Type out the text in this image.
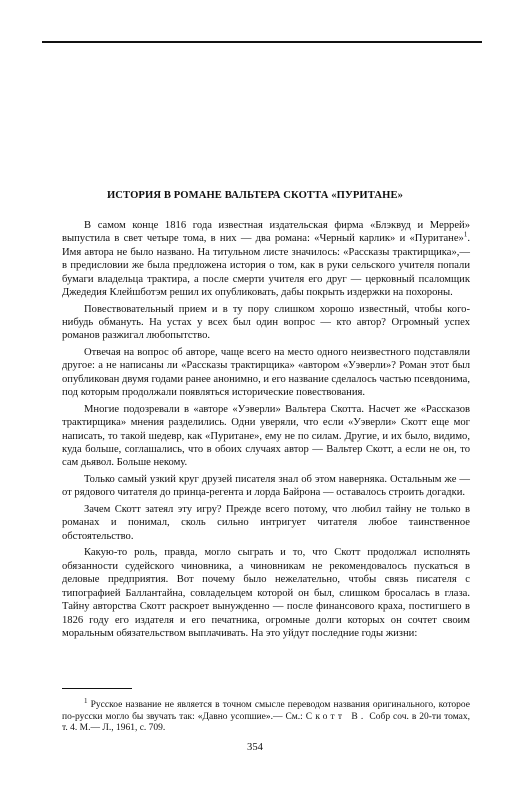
ИСТОРИЯ В РОМАНЕ ВАЛЬТЕРА СКОТТА «ПУРИТАНЕ»

В самом конце 1816 года известная издательская фирма «Блэквуд и Меррей» выпустила в свет четыре тома, в них — два романа: «Черный карлик» и «Пуритане»$^1$. Имя автора не было названо. На титульном листе значилось: «Рассказы трактирщика»,— в предисловии же была предложена история о том, как в руки сельского учителя попали бумаги владельца трактира, а после смерти учителя его друг — церковный псаломщик Джедедия Клейшботэм решил их опубликовать, дабы покрыть издержки на похороны.

Повествовательный прием и в ту пору слишком хорошо известный, чтобы кого-нибудь обмануть. На устах у всех был один вопрос — кто автор? Огромный успех романов разжигал любопытство.

Отвечая на вопрос об авторе, чаще всего на место одного неизвестного подставляли другое: а не написаны ли «Рассказы трактирщика» «автором «Уэверли»? Роман этот был опубликован двумя годами ранее анонимно, и его название сделалось частью псевдонима, под которым продолжали появляться исторические повествования.

Многие подозревали в «авторе «Уэверли» Вальтера Скотта. Насчет же «Рассказов трактирщика» мнения разделились. Одни уверяли, что если «Уэверли» Скотт еще мог написать, то такой шедевр, как «Пуритане», ему не по силам. Другие, и их было, видимо, куда больше, соглашались, что в обоих случаях автор — Вальтер Скотт, а если не он, то сам дьявол. Больше некому.

Только самый узкий круг друзей писателя знал об этом наверняка. Остальным же — от рядового читателя до принца-регента и лорда Байрона — оставалось строить догадки.

Зачем Скотт затеял эту игру? Прежде всего потому, что любил тайну не только в романах и понимал, сколь сильно интригует читателя любое таинственное обстоятельство.

Какую-то роль, правда, могло сыграть и то, что Скотт продолжал исполнять обязанности судейского чиновника, а чиновникам не рекомендовалось пускаться в деловые предприятия. Вот почему было нежелательно, чтобы связь писателя с типографией Баллантайна, совладельцем которой он был, слишком бросалась в глаза. Тайну авторства Скотт раскроет вынужденно — после финансового краха, постигшего в 1826 году его издателя и его печатника, огромные долги которых он сочтет своим моральным обязательством выплачивать. На это уйдут последние годы жизни:

$^1$ Русское название не является в точном смысле переводом названия оригинального, которое по-русски могло бы звучать так: «Давно усопшие».— См.: Скотт В. Собр соч. в 20-ти томах, т. 4. М.— Л., 1961, с. 709.

354
